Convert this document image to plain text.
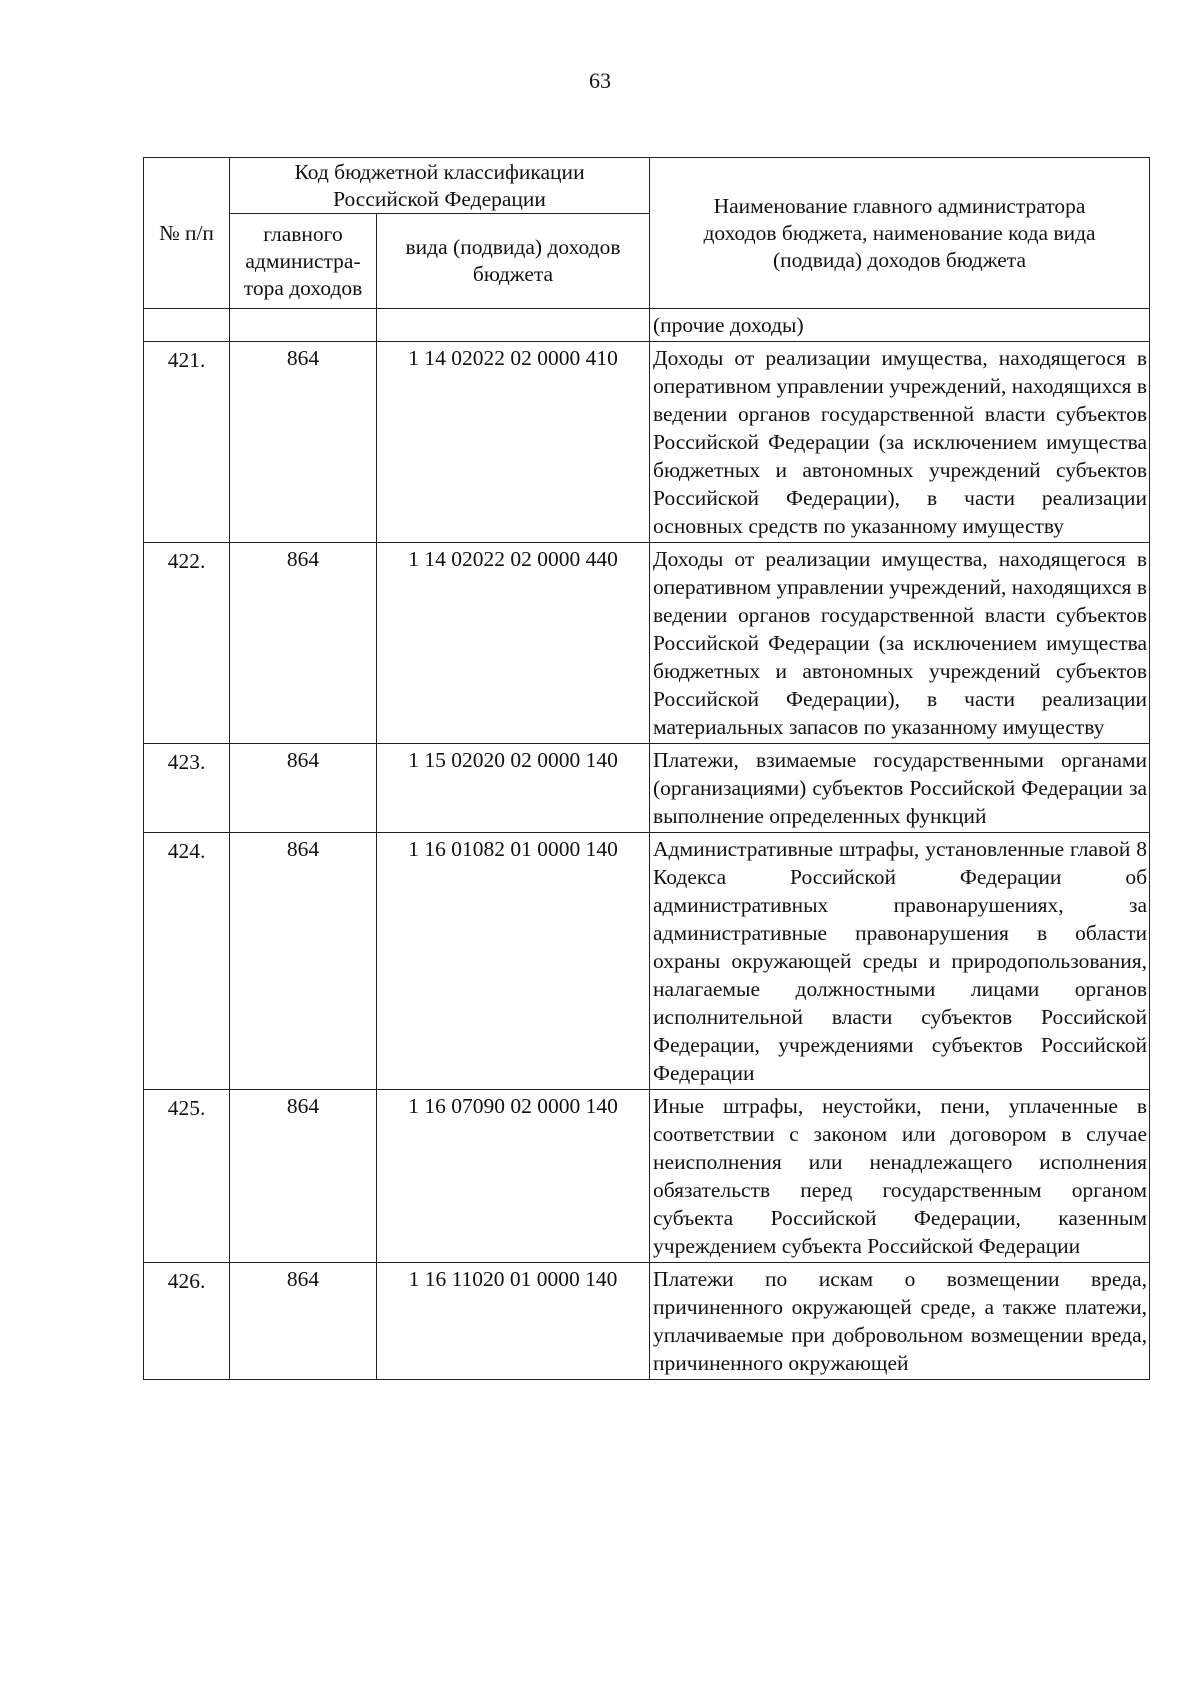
63
№ п/п	Код бюджетной классификации Российской Федерации		Наименование главного администратора доходов бюджета, наименование кода вида (подвида) доходов бюджета
	главного администра-тора доходов	вида (подвида) доходов бюджета	
			(прочие доходы)
421.	864	1 14 02022 02 0000 410	Доходы от реализации имущества, находящегося в оперативном управлении учреждений, находящихся в ведении органов государственной власти субъектов Российской Федерации (за исключением имущества бюджетных и автономных учреждений субъектов Российской Федерации), в части реализации основных средств по указанному имуществу
422.	864	1 14 02022 02 0000 440	Доходы от реализации имущества, находящегося в оперативном управлении учреждений, находящихся в ведении органов государственной власти субъектов Российской Федерации (за исключением имущества бюджетных и автономных учреждений субъектов Российской Федерации), в части реализации материальных запасов по указанному имуществу
423.	864	1 15 02020 02 0000 140	Платежи, взимаемые государственными органами (организациями) субъектов Российской Федерации за выполнение определенных функций
424.	864	1 16 01082 01 0000 140	Административные штрафы, установленные главой 8 Кодекса Российской Федерации об административных правонарушениях, за административные правонарушения в области охраны окружающей среды и природопользования, налагаемые должностными лицами органов исполнительной власти субъектов Российской Федерации, учреждениями субъектов Российской Федерации
425.	864	1 16 07090 02 0000 140	Иные штрафы, неустойки, пени, уплаченные в соответствии с законом или договором в случае неисполнения или ненадлежащего исполнения обязательств перед государственным органом субъекта Российской Федерации, казенным учреждением субъекта Российской Федерации
426.	864	1 16 11020 01 0000 140	Платежи по искам о возмещении вреда, причиненного окружающей среде, а также платежи, уплачиваемые при добровольном возмещении вреда, причиненного окружающей
